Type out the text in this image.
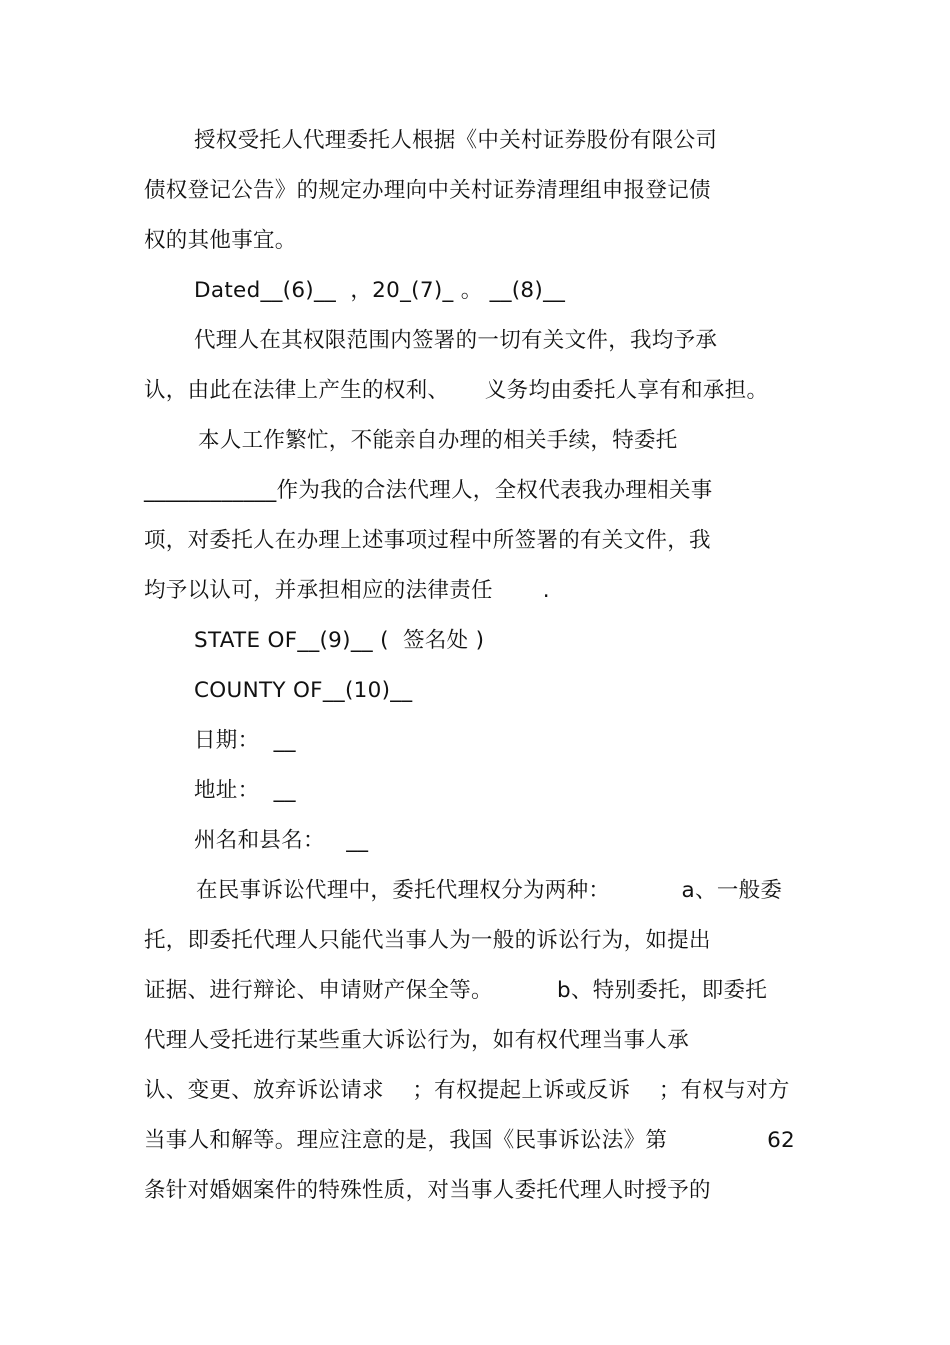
授权受托人代理委托人根据《中关村证券股份有限公司
债权登记公告》的规定办理向中关村证券清理组申报登记债
权的其他事宜。
Dated__(6)__  ，20_(7)_ 。 __(8)__
代理人在其权限范围内签署的一切有关文件，我均予承
认，由此在法律上产生的权利、     义务均由委托人享有和承担。
本人工作繁忙，不能亲自办理的相关手续，特委托
____________作为我的合法代理人，全权代表我办理相关事
项，对委托人在办理上述事项过程中所签署的有关文件，我
均予以认可，并承担相应的法律责任       .
STATE OF__(9)__ (  签名处 )
COUNTY OF__(10)__
日期：  __
地址：  __
州名和县名：   __
在民事诉讼代理中，委托代理权分为两种：          a、一般委
托，即委托代理人只能代当事人为一般的诉讼行为，如提出
证据、进行辩论、申请财产保全等。         b、特别委托，即委托
代理人受托进行某些重大诉讼行为，如有权代理当事人承
认、变更、放弃诉讼请求    ；有权提起上诉或反诉    ；有权与对方
当事人和解等。理应注意的是，我国《民事诉讼法》第              62
条针对婚姻案件的特殊性质，对当事人委托代理人时授予的
